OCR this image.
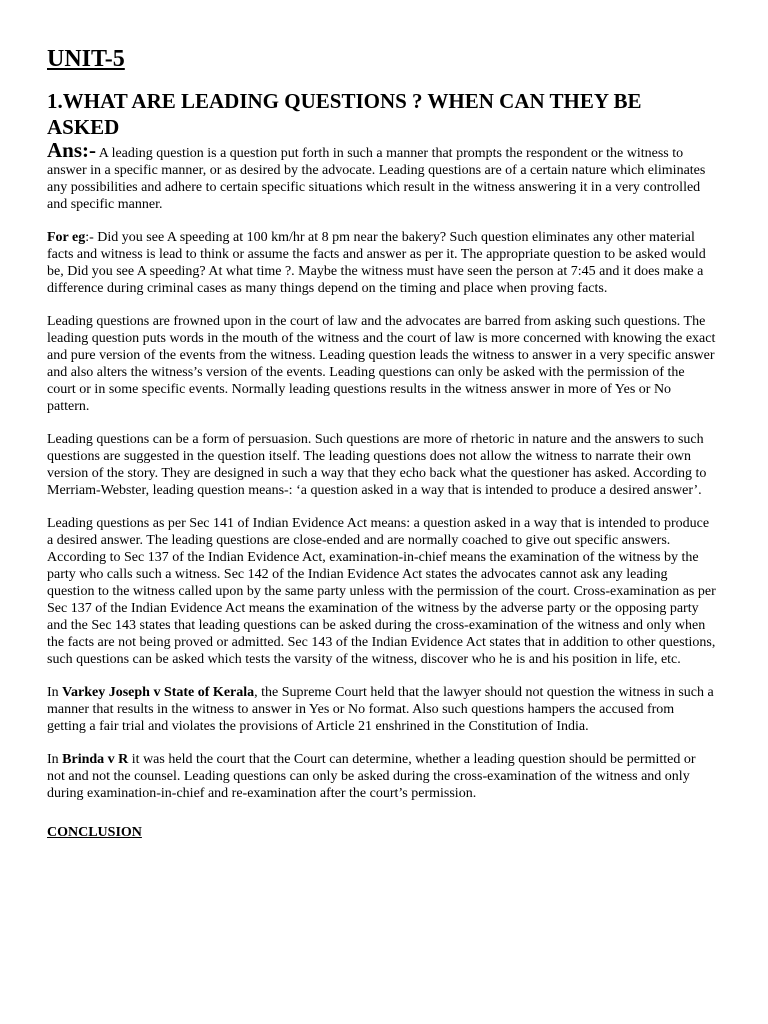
UNIT-5
1.WHAT ARE LEADING QUESTIONS ? WHEN CAN THEY BE ASKED
Ans:- A leading question is a question put forth in such a manner that prompts the respondent or the witness to answer in a specific manner, or as desired by the advocate. Leading questions are of a certain nature which eliminates any possibilities and adhere to certain specific situations which result in the witness answering it in a very controlled and specific manner.
For eg:- Did you see A speeding at 100 km/hr at 8 pm near the bakery? Such question eliminates any other material facts and witness is lead to think or assume the facts and answer as per it. The appropriate question to be asked would be, Did you see A speeding? At what time ?. Maybe the witness must have seen the person at 7:45 and it does make a difference during criminal cases as many things depend on the timing and place when proving facts.
Leading questions are frowned upon in the court of law and the advocates are barred from asking such questions. The leading question puts words in the mouth of the witness and the court of law is more concerned with knowing the exact and pure version of the events from the witness. Leading question leads the witness to answer in a very specific answer and also alters the witness’s version of the events. Leading questions can only be asked with the permission of the court or in some specific events. Normally leading questions results in the witness answer in more of Yes or No pattern.
Leading questions can be a form of persuasion. Such questions are more of rhetoric in nature and the answers to such questions are suggested in the question itself. The leading questions does not allow the witness to narrate their own version of the story. They are designed in such a way that they echo back what the questioner has asked. According to Merriam-Webster, leading question means-: ‘a question asked in a way that is intended to produce a desired answer’.
Leading questions as per Sec 141 of Indian Evidence Act means: a question asked in a way that is intended to produce a desired answer. The leading questions are close-ended and are normally coached to give out specific answers. According to Sec 137 of the Indian Evidence Act, examination-in-chief means the examination of the witness by the party who calls such a witness. Sec 142 of the Indian Evidence Act states the advocates cannot ask any leading question to the witness called upon by the same party unless with the permission of the court. Cross-examination as per Sec 137 of the Indian Evidence Act means the examination of the witness by the adverse party or the opposing party and the Sec 143 states that leading questions can be asked during the cross-examination of the witness and only when the facts are not being proved or admitted. Sec 143 of the Indian Evidence Act states that in addition to other questions, such questions can be asked which tests the varsity of the witness, discover who he is and his position in life, etc.
In Varkey Joseph v State of Kerala, the Supreme Court held that the lawyer should not question the witness in such a manner that results in the witness to answer in Yes or No format. Also such questions hampers the accused from getting a fair trial and violates the provisions of Article 21 enshrined in the Constitution of India.
In Brinda v R it was held the court that the Court can determine, whether a leading question should be permitted or not and not the counsel. Leading questions can only be asked during the cross-examination of the witness and only during examination-in-chief and re-examination after the court’s permission.
CONCLUSION
